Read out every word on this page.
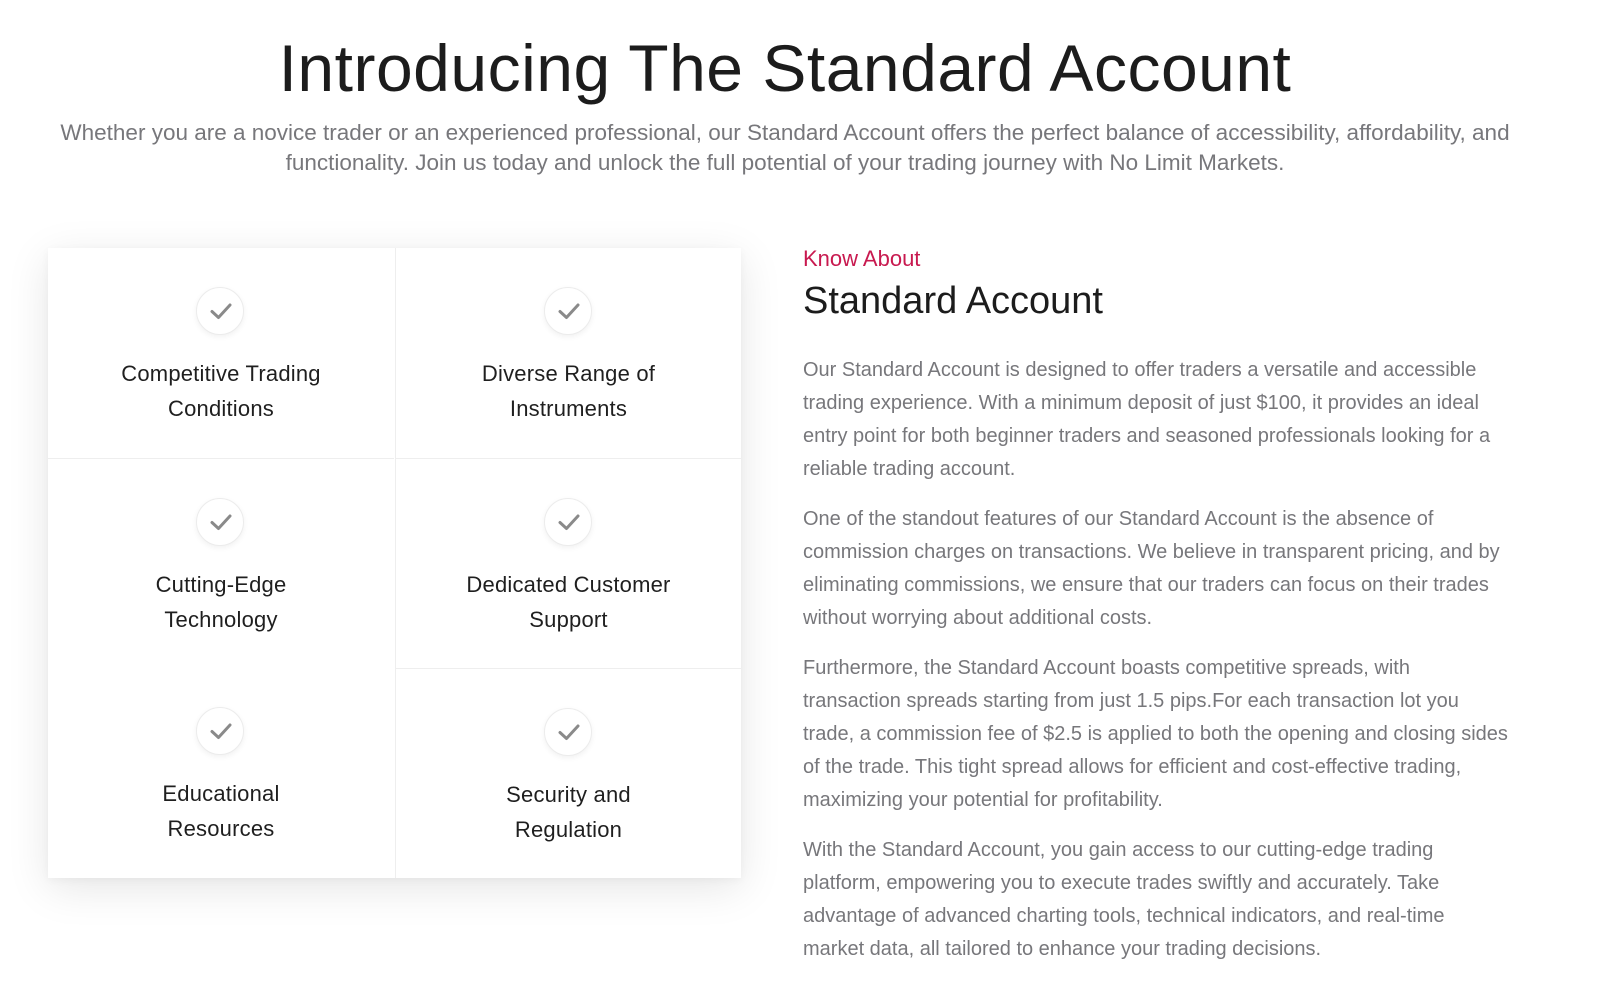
Introducing The Standard Account

Whether you are a novice trader or an experienced professional, our Standard Account offers the perfect balance of accessibility, affordability, and functionality. Join us today and unlock the full potential of your trading journey with No Limit Markets.

Competitive Trading
Conditions
Diverse Range of
Instruments
Cutting-Edge
Technology
Dedicated Customer
Support
Educational
Resources
Security and
Regulation

Know About

Standard Account

Our Standard Account is designed to offer traders a versatile and accessible trading experience. With a minimum deposit of just $100, it provides an ideal entry point for both beginner traders and seasoned professionals looking for a reliable trading account.

One of the standout features of our Standard Account is the absence of commission charges on transactions. We believe in transparent pricing, and by eliminating commissions, we ensure that our traders can focus on their trades without worrying about additional costs.

Furthermore, the Standard Account boasts competitive spreads, with transaction spreads starting from just 1.5 pips.For each transaction lot you trade, a commission fee of $2.5 is applied to both the opening and closing sides of the trade. This tight spread allows for efficient and cost-effective trading, maximizing your potential for profitability.

With the Standard Account, you gain access to our cutting-edge trading platform, empowering you to execute trades swiftly and accurately. Take advantage of advanced charting tools, technical indicators, and real-time market data, all tailored to enhance your trading decisions.
